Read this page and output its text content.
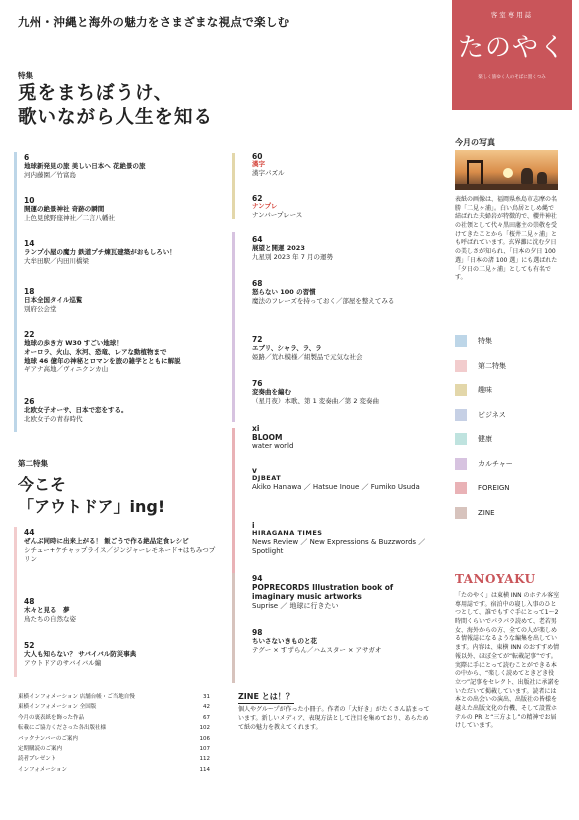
九州・沖縄と海外の魅力をさまざまな視点で楽しむ	客室専用誌
たのやく
楽しく旅ゆく人のそばに置くつみ
特集
兎をまちぼうけ、
歌いながら人生を知る
6
地球新発見の旅 美しい日本へ 花絶景の旅
河内藤園／竹富島
10
開運の絶景神社 奇跡の瞬間
上色見熊野座神社／二言八幡社
14
ランプ小屋の魔力 鉄道プチ煉瓦建築がおもしろい！
大牟田駅／内田川橋梁
18
日本全国タイル巡覧
別府公会堂
22
地球の歩き方 W30 すごい地球！
オーロラ、火山、氷河、恐竜、レアな動植物まで
地球 46 億年の神秘とロマンを旅の雑学とともに解説
ギアナ高地／ヴィニクンカ山
26
北欧女子オーサ、日本で恋をする。
北欧女子の青春時代
第二特集
今こそ
「アウトドア」ing!
44
ぜんぶ同時に出来上がる！ 飯ごうで作る絶品定食レシピ
シチュー+ケチャップライス／ジンジャーレモネード+はちみつプリン
48
木々と見る　夢
鳥たちの自然な姿
52
大人も知らない？ サバイバル防災事典
アウトドアのサバイバル編
東横インフォメーション 店舗台帳・ご当地自慢	31
東横インフォメーション 全国版	42
今月の裏表紙を飾った作品	67
転載にご協力くださった各出版社様	102
バックナンバーのご案内	106
定期購読のご案内	107
読者プレゼント	112
インフォメーション	114
60
漢字
漢字パズル
62
ナンプレ
ナンバープレース
64
展望と開運 2023
九星別 2023 年 7 月の運勢
68
怒らない 100 の習慣
魔法のフレーズを持っておく／部屋を整えてみる
72
エブリ、シャラ、ラ、ラ
姫路／荒れ模様／組製品で元気な社会
76
変奏曲を編む
（星月夜）本歌、第 1 変奏曲／第 2 変奏曲
xi
BLOOM
water world
v
DJBEAT
Akiko Hanawa ／ Hatsue Inoue ／ Fumiko Usuda
i
HIRAGANA TIMES
News Review ／ New Expressions & Buzzwords ／ Spotlight
94
POPRECORDS Illustration book of imaginary music artworks
Suprise ／ 地球に行きたい
98
ちいさないきものと花
テグー × すずらん／ハムスター × アサガオ
ZINE とは！？
個人やグループが作った小冊子。作者の「大好き」がたくさん詰まっています。新しいメディア、表現方法として注目を集めており、あらためて紙の魅力を教えてくれます。
今月の写真
表紙の画像は、福岡県糸島市志摩の名勝「二見ヶ浦」。白い鳥居としめ縄で結ばれた夫婦岩が特徴的で、櫻井神社の社領として代々黒田藩主の崇敬を受けてきたことから「桜井二見ヶ浦」とも呼ばれています。玄界灘に沈む夕日の美しさが知られ、「日本の夕日 100 選」「日本の渚 100 選」にも選ばれた「夕日の二見ヶ浦」としても有名です。
特集
第二特集
趣味
ビジネス
健康
カルチャー
FOREIGN
ZINE
TANOYAKU
「たのやく」は東横 INN のホテル客室専用誌です。宿泊中の寝し入事のひとつとして、誰でもすぐ手にとって1〜2 時間くらいでパラパラ読めて、老若男女、海外からの方、全ての人が楽しめる情報誌になるような編集を出しています。内容は、東横 INN のおすすめ情報以外、ほぼ全てが“転載記事”です。実際に手にとって読むことができる本の中から、“楽しく読めてときどき役立つ”記事をセレクト、出版社に承諾をいただいて掲載しています。読者には本との出会いの演出、出版社の皆様を越えた出版文化の台機、そして設置ホテルの PR と“三方よし”の精神でお届けしています。
